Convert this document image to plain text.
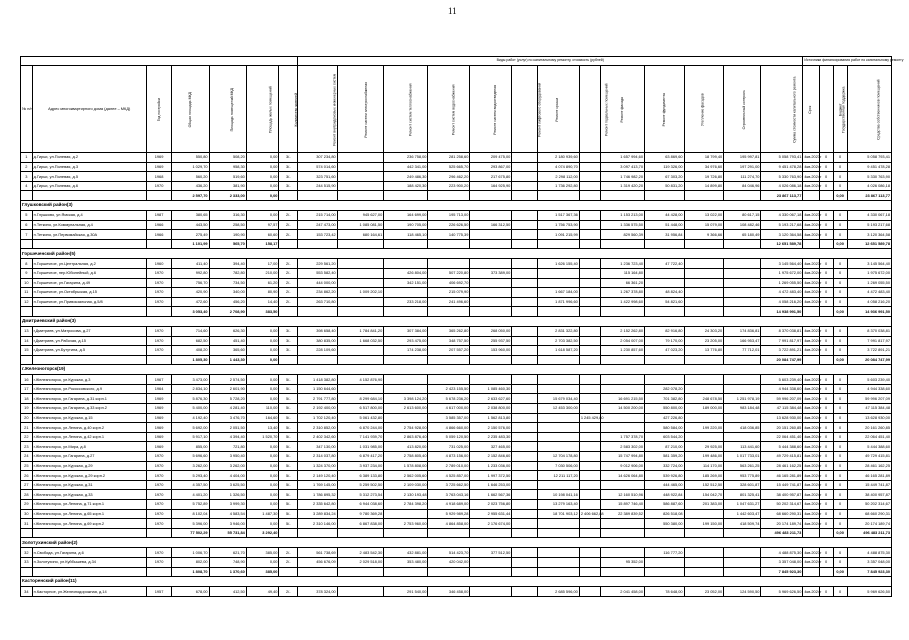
11
							Виды работ (услуг) по капитальному ремонту, стоимость (рублей)													Источники финансирования работ по капитальному ремонту			
№ п/п	Адрес многоквартирного дома (далее – МКД)	Год постройки	Общая площадь МКД	Площадь помещений МКД	Площадь жилых помещений	Количество жителей	Ремонт внутридомовых инженерных систем	Ремонт систем электроснабжения	Ремонт систем теплоснабжения	Ремонт систем водоснабжения	Ремонт систем водоотведения	Ремонт лифтового оборудования	Ремонт крыши	Ремонт подвальных помещений	Ремонт фасада	Ремонт фундамента	Утепление фасадов	Строительный контроль	Сумма стоимости капитального ремонта	Срок	Государственная поддержка	Бюджет	Средства собственников помещений
1	д.Гирьи, ул.Полевая, д.2	1969	550,80	508,20	0,00	3/-	307 234,80		236 758,00	281 258,60	209 475,00		2 180 939,60		1 657 994,60	63 869,60	18 799,40	195 997,81	5 058 793,41	4кв.2023г	0	0	5 058 793,41
2	д.Гирьи, ул.Полевая, д.3	1969	1 029,70	958,30	0,00	3/-	574 014,60		442 341,00	525 665,70	293 867,00		4 074 890,70		3 097 413,70	119 326,00	34 976,60	197 291,00	9 451 478,28	4кв.2024г	0	0	9 451 478,28
3	д.Гирьи, ул.Полевая, д.5	1968	560,20	519,60	0,00	3/-	323 751,60		249 486,30	296 462,20	217 675,80		2 298 112,00		1 746 982,20	67 303,20	19 726,80	111 274,70	5 330 763,90	4кв.2024г	0	0	5 330 763,90
4	д.Гирьи, ул.Полевая, д.6	1970	436,20	381,90	0,00	3/-	244 515,90		188 420,30	223 900,20	164 925,90		1 736 292,80		1 319 420,20	50 831,20	14 899,80	84 046,96	4 026 086,18	4кв.2024г	0	0	4 026 086,18
			2 597,70	2 333,00	0,00														23 867 113,77			0,00	23 867 113,77
Глушковский район(3)																							
5	п.Глушково, ул.Ямская, д.4	1987	380,65	316,30	0,00	2/-	215 714,00	945 627,00	164 699,00	195 713,00			1 517 367,36		1 153 213,00	44 428,00	13 022,00	80 617,15	4 330 067,18	4кв.2023г	0	0	4 330 067,18
6	п.Теткино, ул.Коммунальная, д.4	1966	443,50	258,50	97,57	2/-	247 473,00	1 085 081,50	190 705,00	226 626,50	166 312,50		1 756 753,90		1 336 575,50	51 448,00	15 079,00	108 482,46	5 193 217,68	4кв.2024г	0	0	5 193 217,68
7	п.Теткино, ул.Первомайская, д.30А	1966	275,49	190,90	60,60	2/-	153 723,42	680 164,61	118 465,10	140 775,39			1 091 215,99		829 560,39	31 956,84	9 366,66	65 180,49	3 120 364,58	4кв.2024г	0	0	3 120 364,58
			1 101,99	565,70	158,17														12 651 589,78			0,00	12 651 589,78
Горшеченский район(5)																							
8	п.Горшечное, ул.Центральная, д.2	1960	411,40	394,40	17,00	2/-	229 561,20						1 626 155,40		1 236 723,40	47 722,40			3 145 564,40	4кв.2023г	0	0	3 145 564,40
9	п.Горшечное, пер.Юбилейный, д.6	1970	992,80	782,80	210,00	2/-	553 582,40		426 804,00	507 220,80	373 389,00				115 164,80				1 975 672,00	4кв.2024г	0	0	1 975 672,00
10	п.Горшечное, ул.Гагарина, д.49	1970	756,70	734,50	61,20	2/-	444 000,00		342 151,00	406 692,70					66 361,20				1 269 055,50	4кв.2024г	0	0	1 269 055,50
11	п.Горшечное, ул.Октябрьская, д.15	1970	420,90	340,00	80,90	2/-	234 862,20	1 009 202,10		215 079,90			1 667 184,00		1 267 378,80	48 824,40			4 472 483,40	4кв.2024г	0	0	4 472 483,40
12	п.Горшечное, ул.Привокзальная, д.5/8	1970	472,60	456,20	14,40	2/-	263 710,80		233 218,00	241 496,60			1 871 996,60		1 422 998,60	54 821,60			4 058 216,20	4кв.2024г	0	0	4 058 216,20
			3 053,40	2 708,90	383,50														14 938 991,50			0,00	14 936 991,50
Дмитриевский район(3)																							
13	г.Дмитриев, ул.Матросова, д.27	1970	714,60	626,30	0,00	3/-	398 658,40	1 784 841,20	307 384,00	365 262,80	268 050,00		2 831 322,80		2 152 262,80	82 916,80	24 303,20	174 836,81	8 370 038,81	4кв.2023г	0	0	8 370 038,81
14	г.Дмитриев, ул.Рабочая, д.15	1970	682,50	451,40	0,00	3/-	380 835,00	1 668 032,50	293 475,00	348 757,50	255 937,50		2 703 382,50		2 054 007,00	79 170,00	23 205,00	166 953,47	7 991 817,97	4кв.2024г	0	0	7 991 817,97
15	г.Дмитриев, ул.Бутутина, д.5	1970	408,20	365,60	0,00	3/-	228 109,60		174 238,00	207 557,20	153 960,00		1 618 587,20		1 230 857,60	47 023,20	13 776,80	77 712,01	3 722 891,21	4кв.2024г	0	0	3 722 891,21
			1 805,30	1 443,30	0,00														20 084 747,99			0,00	20 084 747,99
г.Железногорск(19)																							
16	г.Железногорск, ул.Курская, д.3	1967	3 473,00	2 574,50	0,00	5/-	1 418 382,80	4 152 876,90											5 603 239,40	4кв.2023г	0	0	5 603 239,40
17	г.Железногорск, ул.Рокоссовского, д.9	1964	2 834,10	2 601,90	0,00	5/-	1 150 644,60			2 423 155,50	1 085 460,30					282 078,20			4 944 338,60	4кв.2024г	0	0	4 944 338,60
18	г.Железногорск, ул.Гагарина, д.31 корп.1	1969	5 876,30	5 728,20	0,00	5/-	2 791 777,80	8 299 684,10	3 398 124,20	5 678 236,20	2 633 627,60		15 679 034,40		16 691 215,50	701 382,80	248 678,50	1 251 978,19	59 996 207,09	4кв.2024г	0	0	59 996 207,09
19	г.Железногорск, ул.Гагарина, д.33 корп.2	1969	5 400,00	4 281,40	110,00	5/-	2 192 400,00	6 517 800,00	2 613 600,00	4 617 000,00	2 038 800,00		12 453 300,00		14 500 200,00	550 800,00	189 000,00	983 184,48	47 115 384,48	4кв.2024г	0	0	47 115 384,48
20	г.Железногорск, ул.Курская, д.15	1969	4 192,40	3 476,70	164,60	5/-	1 702 120,40	5 061 432,80		3 585 357,00	1 562 813,80			1 245 429,80		427 226,80			13 628 930,00	4кв.2024г	0	0	13 628 930,00
21	г.Железногорск, ул.Ленина, д.40 корп.2	1969	5 692,00	2 051,50	13,40	5/-	2 310 852,00	6 870 244,00	2 754 928,00	4 866 660,00	2 150 576,00					580 584,00	199 220,00	418 036,85	20 151 260,85	4кв.2024г	0	0	20 161 260,85
22	г.Железногорск, ул.Ленина, д.42 корп.1	1969	5 917,10	4 394,40	1 520,70	5/-	2 402 342,60	7 141 939,70	2 863 876,40	5 059 120,50	2 235 483,30				1 757 378,70	603 544,20			22 064 451,40	4кв.2024г	0	0	22 064 451,40
23	г.Железногорск, ул.Мира, д.8	1969	855,00	721,80	0,00	5/-	347 130,00	1 031 985,00	413 820,00	731 025,00	327 465,00				2 583 302,00	87 210,00	29 925,00	113 441,60	5 444 388,60	4кв.2024г	0	0	5 444 388,60
24	г.Железногорск, ул.Гагарина, д.27	1970	5 696,60	3 950,40	0,00	5/-	2 314 037,80	6 879 417,20	2 758 805,40	4 873 156,00	2 152 846,60		12 704 178,80		15 747 994,80	581 359,20	199 486,00	1 017 733,01	49 729 415,81	4кв.2024г	0	0	49 729 415,81
25	г.Железногорск, ул.Курская, д.29	1970	3 262,00	3 262,00	0,00	5/-	1 324 370,00	3 937 234,00	1 578 808,00	2 789 010,00	1 233 036,00		7 030 506,00		9 012 906,00	332 724,00	114 170,00	563 261,25	28 461 162,25	4кв.2024г	0	0	28 461 162,25
26	г.Железногорск, ул.Курская, д.29 корп.2	1970	5 293,40	4 404,00	0,00	5/-	2 149 120,40	6 389 133,80	2 562 005,60	4 525 857,00	1 997 372,50		12 211 117,20		14 626 064,80	539 926,80	185 269,00	953 775,89	46 165 281,89	4кв.2024г	0	0	46 165 281,89
27	г.Железногорск, ул.Курская, д.31	1970	4 357,50	3 625,50	0,00	5/-	1 769 145,00	5 259 502,50	2 109 030,00	3 725 662,50	1 646 253,00					444 465,00	152 512,50	328 601,87	15 449 741,87	4кв.2024г	0	0	15 449 741,87
28	г.Железногорск, ул.Курская, д.33	1970	4 401,20	1 326,50	0,00	5/-	1 786 895,32	5 312 273,54	2 130 193,48	3 763 043,16	1 662 567,36		10 198 041,16		12 160 510,96	448 922,84	154 042,70	801 325,41	38 400 957,87	4кв.2024г	0	0	38 400 957,87
29	г.Железногорск, ул.Ленина, д.71 корп.1	1970	5 752,89	3 999,30	0,00	5/-	2 335 642,80	6 944 038,60	2 784 398,20	4 918 689,00	2 023 756,80		13 279 163,40		15 897 746,40	586 887,60	201 383,00	1 047 631,27	50 202 314,67	4кв.2024г	0	0	50 202 314,67
30	г.Железногорск, ул.Ленина, д.65 корп.1	1970	8 102,04	4 583,54	1 487,30	5/-	3 289 834,24	9 780 369,28		5 929 989,28	2 955 631,44		18 701 903,12	2 406 662,88	22 389 839,52	826 518,08		1 442 603,47	68 660 290,31	4кв.2024г	0	0	68 660 290,31
31	г.Железногорск, ул.Ленина, д.69 корп.2	1970	5 396,00	3 946,00	0,00	5/-	2 310 146,00	6 867 838,00	2 753 960,00	4 864 858,00	2 176 674,00					550 380,00	199 150,00	418 509,74	20 174 189,74	4кв.2024г	0	0	20 174 189,74
			77 502,29	55 731,84	3 292,40														496 483 211,73			0,00	496 483 211,73
Золотухинский район(2)																							
32	п.Свобода, ул.Гагарина, д.6	1970	1 006,70	621,70	385,00	2/-	561 738,69	2 483 542,30	432 881,00	514 423,70	377 512,50					116 777,20			4 488 875,30	4кв.2023г	0	0	4 488 875,30
33	п.Золотухино, ул.Куйбышева, д.34	1970	802,00	748,90	0,00	2/-	456 676,09	2 029 518,00	353 480,00	420 042,00					95 352,00				3 357 048,00	4кв.2024г	0	0	3 357 048,00
			1 808,70	1 370,60	385,00														7 845 923,30			0,00	7 845 923,30
Касторенский район(11)																							
34	п.Касторное, ул.Железнодорожная, д.14	1957	678,00	412,50	49,40	2/-	378 324,00		291 540,00	346 458,00			2 685 596,00		2 041 458,00	78 648,00	23 052,00	124 590,50	5 969 626,50	4кв.2024г	0	0	5 969 626,50
